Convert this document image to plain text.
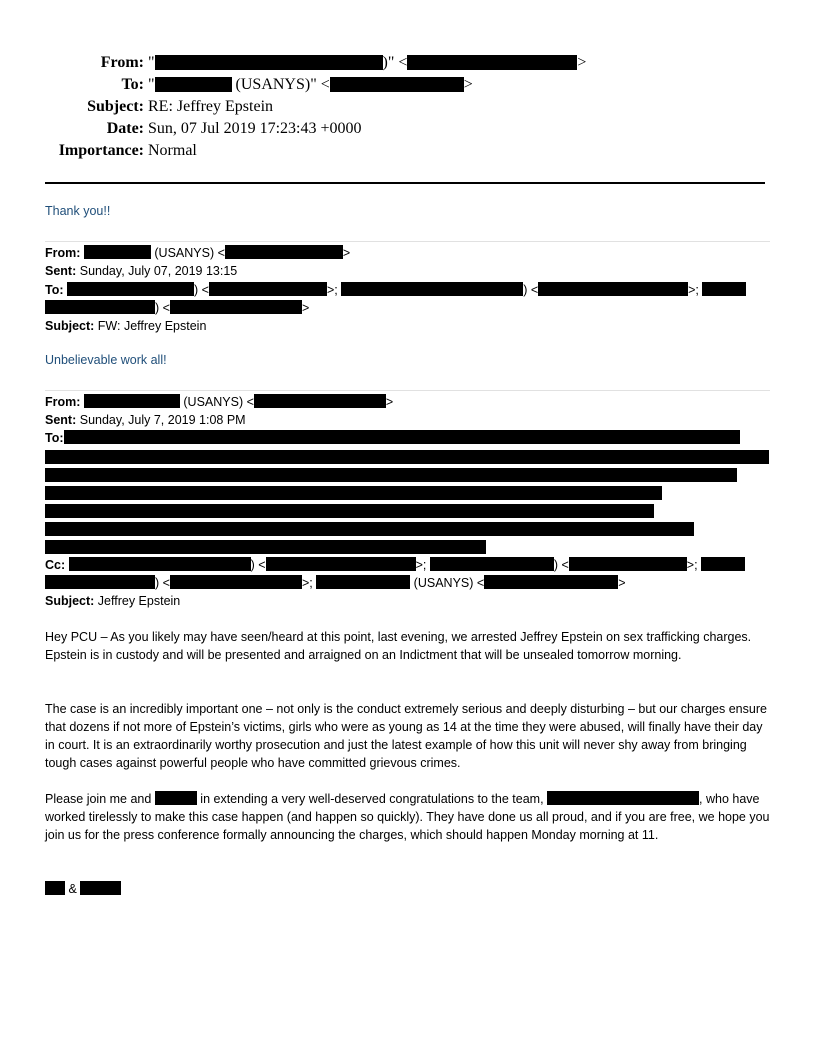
From: "	)" <	>
To: "	(USANYS)" <	>
Subject: RE: Jeffrey Epstein
Date: Sun, 07 Jul 2019 17:23:43 +0000
Importance: Normal
Thank you!!
From:	(USANYS) <	>
Sent: Sunday, July 07, 2019 13:15
To:	) <	>;	) <	>;
) <	>
Subject: FW: Jeffrey Epstein
Unbelievable work all!
From:	(USANYS) <	>
Sent: Sunday, July 7, 2019 1:08 PM
To:
Cc:	) <	>;	) <	>;
) <	>;	(USANYS) <	>
Subject: Jeffrey Epstein
Hey PCU – As you likely may have seen/heard at this point, last evening, we arrested Jeffrey Epstein on sex trafficking charges. Epstein is in custody and will be presented and arraigned on an Indictment that will be unsealed tomorrow morning.
The case is an incredibly important one – not only is the conduct extremely serious and deeply disturbing – but our charges ensure that dozens if not more of Epstein’s victims, girls who were as young as 14 at the time they were abused, will finally have their day in court. It is an extraordinarily worthy prosecution and just the latest example of how this unit will never shy away from bringing tough cases against powerful people who have committed grievous crimes.
Please join me and	in extending a very well-deserved congratulations to the team,	, who have worked tirelessly to make this case happen (and happen so quickly). They have done us all proud, and if you are free, we hope you join us for the press conference formally announcing the charges, which should happen Monday morning at 11.
&
